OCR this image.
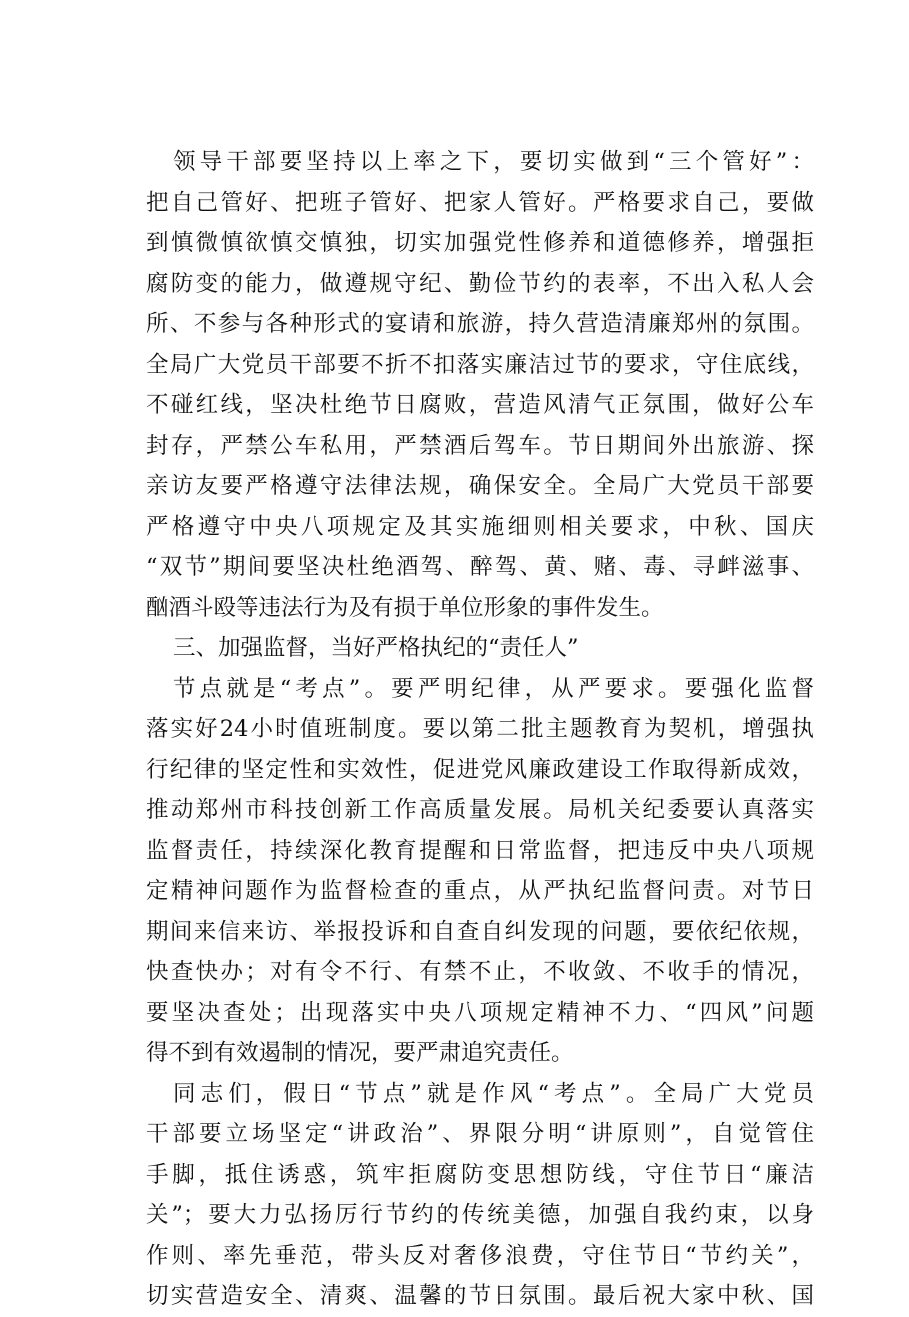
领导干部要坚持以上率之下，要切实做到“三个管好”：
把自己管好、把班子管好、把家人管好。严格要求自己，要做
到慎微慎欲慎交慎独，切实加强党性修养和道德修养，增强拒
腐防变的能力，做遵规守纪、勤俭节约的表率，不出入私人会
所、不参与各种形式的宴请和旅游，持久营造清廉郑州的氛围。
全局广大党员干部要不折不扣落实廉洁过节的要求，守住底线，
不碰红线，坚决杜绝节日腐败，营造风清气正氛围，做好公车
封存，严禁公车私用，严禁酒后驾车。节日期间外出旅游、探
亲访友要严格遵守法律法规，确保安全。全局广大党员干部要
严格遵守中央八项规定及其实施细则相关要求，中秋、国庆
“双节”期间要坚决杜绝酒驾、醉驾、黄、赌、毒、寻衅滋事、
酗酒斗殴等违法行为及有损于单位形象的事件发生。
三、加强监督，当好严格执纪的“责任人”
节点就是“考点”。要严明纪律，从严要求。要强化监督
落实好24小时值班制度。要以第二批主题教育为契机，增强执
行纪律的坚定性和实效性，促进党风廉政建设工作取得新成效，
推动郑州市科技创新工作高质量发展。局机关纪委要认真落实
监督责任，持续深化教育提醒和日常监督，把违反中央八项规
定精神问题作为监督检查的重点，从严执纪监督问责。对节日
期间来信来访、举报投诉和自查自纠发现的问题，要依纪依规，
快查快办；对有令不行、有禁不止，不收敛、不收手的情况，
要坚决查处；出现落实中央八项规定精神不力、“四风”问题
得不到有效遏制的情况，要严肃追究责任。
同志们，假日“节点”就是作风“考点”。全局广大党员
干部要立场坚定“讲政治”、界限分明“讲原则”，自觉管住
手脚，抵住诱惑，筑牢拒腐防变思想防线，守住节日“廉洁
关”；要大力弘扬厉行节约的传统美德，加强自我约束，以身
作则、率先垂范，带头反对奢侈浪费，守住节日“节约关”，
切实营造安全、清爽、温馨的节日氛围。最后祝大家中秋、国
